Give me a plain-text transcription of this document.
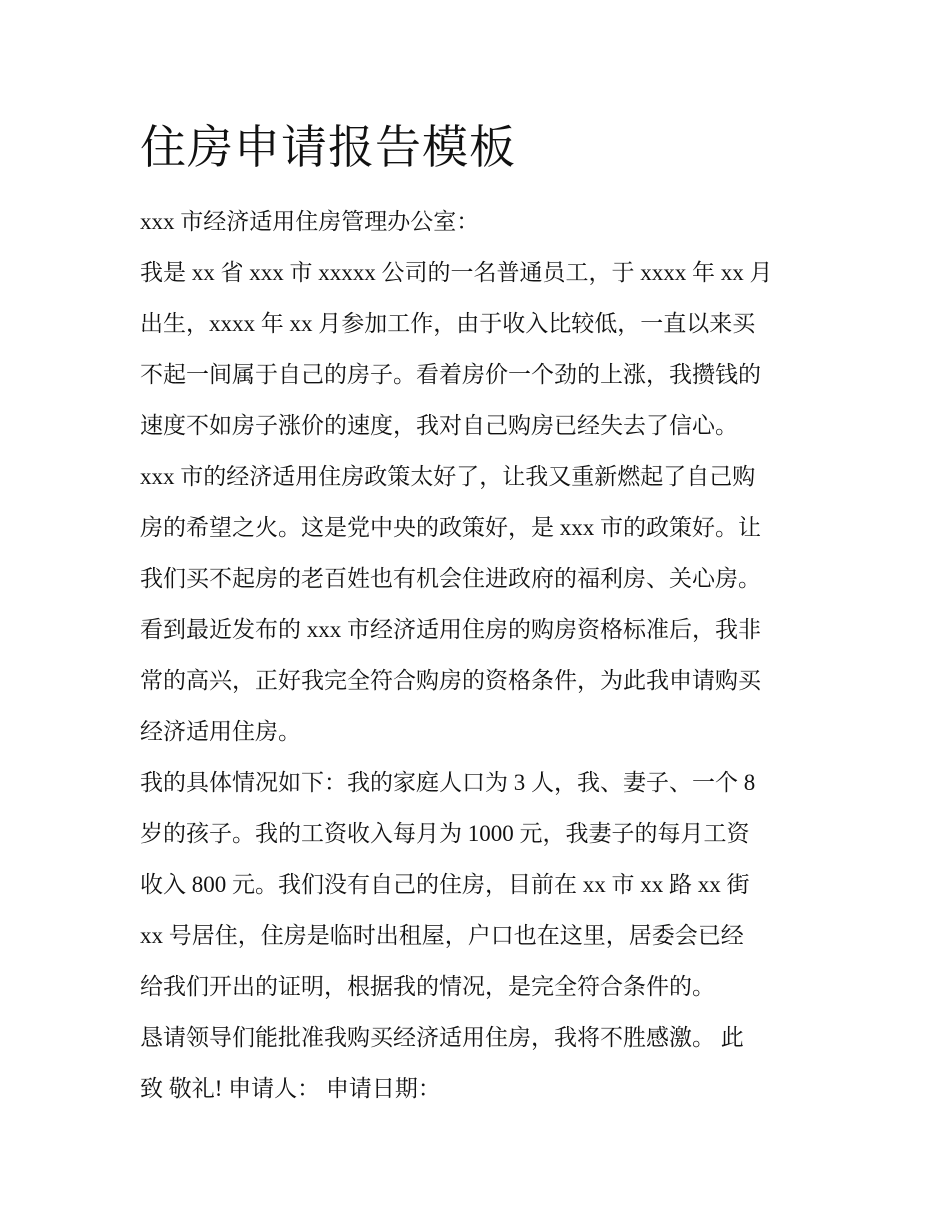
住房申请报告模板
xxx 市经济适用住房管理办公室：
我是 xx 省 xxx 市 xxxxx 公司的一名普通员工，于 xxxx 年 xx 月
出生，xxxx 年 xx 月参加工作，由于收入比较低，一直以来买
不起一间属于自己的房子。看着房价一个劲的上涨，我攒钱的
速度不如房子涨价的速度，我对自己购房已经失去了信心。
xxx 市的经济适用住房政策太好了，让我又重新燃起了自己购
房的希望之火。这是党中央的政策好，是 xxx 市的政策好。让
我们买不起房的老百姓也有机会住进政府的福利房、关心房。
看到最近发布的 xxx 市经济适用住房的购房资格标准后，我非
常的高兴，正好我完全符合购房的资格条件，为此我申请购买
经济适用住房。
我的具体情况如下：我的家庭人口为 3 人，我、妻子、一个 8
岁的孩子。我的工资收入每月为 1000 元，我妻子的每月工资
收入 800 元。我们没有自己的住房，目前在 xx 市 xx 路 xx 街
xx 号居住，住房是临时出租屋，户口也在这里，居委会已经
给我们开出的证明，根据我的情况，是完全符合条件的。
恳请领导们能批准我购买经济适用住房，我将不胜感激。 此
致 敬礼! 申请人： 申请日期：
